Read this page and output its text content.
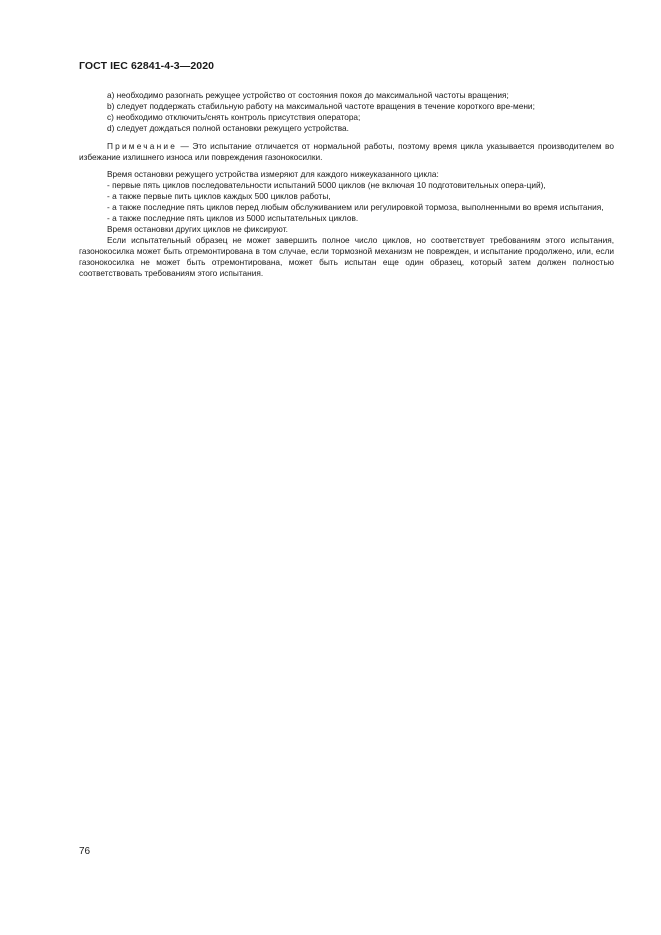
ГОСТ IEC 62841-4-3—2020

a) необходимо разогнать режущее устройство от состояния покоя до максимальной частоты вращения;

b) следует поддержать стабильную работу на максимальной частоте вращения в течение короткого вре-мени;

c) необходимо отключить/снять контроль присутствия оператора;

d) следует дождаться полной остановки режущего устройства.

Примечание — Это испытание отличается от нормальной работы, поэтому время цикла указывается производителем во избежание излишнего износа или повреждения газонокосилки.

Время остановки режущего устройства измеряют для каждого нижеуказанного цикла:

- первые пять циклов последовательности испытаний 5000 циклов (не включая 10 подготовительных опера-ций),

- а также первые пить циклов каждых 500 циклов работы,

- а также последние пять циклов перед любым обслуживанием или регулировкой тормоза, выполненными во время испытания,

- а также последние пять циклов из 5000 испытательных циклов.

Время остановки других циклов не фиксируют.

Если испытательный образец не может завершить полное число циклов, но соответствует требованиям этого испытания, газонокосилка может быть отремонтирована в том случае, если тормозной механизм не поврежден, и испытание продолжено, или, если газонокосилка не может быть отремонтирована, может быть испытан еще один образец, который затем должен полностью соответствовать требованиям этого испытания.

76
